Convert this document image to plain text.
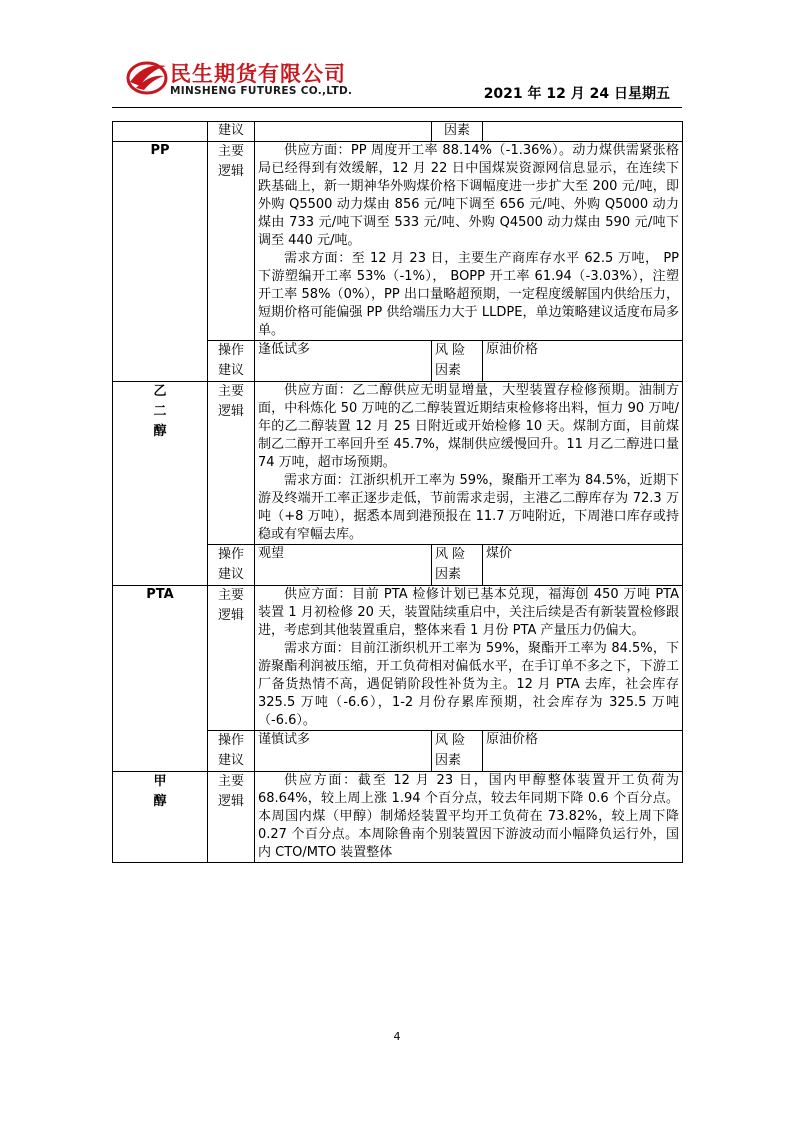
民生期货有限公司
MINSHENG FUTURES CO.,LTD.	2021 年 12 月 24 日星期五
	建议		因素	
PP	主要逻辑	供应方面：PP 周度开工率 88.14%（-1.36%）。动力煤供需紧张格局已经得到有效缓解，12 月 22 日中国煤炭资源网信息显示，在连续下跌基础上，新一期神华外购煤价格下调幅度进一步扩大至 200 元/吨，即外购 Q5500 动力煤由 856 元/吨下调至 656 元/吨、外购 Q5000 动力煤由 733 元/吨下调至 533 元/吨、外购 Q4500 动力煤由 590 元/吨下调至 440 元/吨。

需求方面：至 12 月 23 日，主要生产商库存水平 62.5 万吨， PP 下游塑编开工率 53%（-1%）， BOPP 开工率 61.94（-3.03%），注塑开工率 58%（0%），PP 出口量略超预期，一定程度缓解国内供给压力，短期价格可能偏强 PP 供给端压力大于 LLDPE，单边策略建议适度布局多单。		

	操作建议	逢低试多	风 险因素	原油价格
乙二醇	主要逻辑	供应方面：乙二醇供应无明显增量，大型装置存检修预期。油制方面，中科炼化 50 万吨的乙二醇装置近期结束检修将出料，恒力 90 万吨/年的乙二醇装置 12 月 25 日附近或开始检修 10 天。煤制方面，目前煤制乙二醇开工率回升至 45.7%，煤制供应缓慢回升。11 月乙二醇进口量 74 万吨，超市场预期。

需求方面：江浙织机开工率为 59%，聚酯开工率为 84.5%，近期下游及终端开工率正逐步走低，节前需求走弱，主港乙二醇库存为 72.3 万吨（+8 万吨），据悉本周到港预报在 11.7 万吨附近，下周港口库存或持稳或有窄幅去库。		

	操作建议	观望	风 险因素	煤价
PTA	主要逻辑	供应方面：目前 PTA 检修计划已基本兑现，福海创 450 万吨 PTA 装置 1 月初检修 20 天，装置陆续重启中，关注后续是否有新装置检修跟进，考虑到其他装置重启，整体来看 1 月份 PTA 产量压力仍偏大。

需求方面：目前江浙织机开工率为 59%，聚酯开工率为 84.5%，下游聚酯利润被压缩，开工负荷相对偏低水平，在手订单不多之下，下游工厂备货热情不高，遇促销阶段性补货为主。12 月 PTA 去库，社会库存 325.5 万吨（-6.6），1-2 月份存累库预期，社会库存为 325.5 万吨（-6.6）。		

	操作建议	谨慎试多	风 险因素	原油价格
甲醇	主要逻辑	供应方面：截至 12 月 23 日，国内甲醇整体装置开工负荷为 68.64%，较上周上涨 1.94 个百分点，较去年同期下降 0.6 个百分点。本周国内煤（甲醇）制烯烃装置平均开工负荷在 73.82%，较上周下降 0.27 个百分点。本周除鲁南个别装置因下游波动而小幅降负运行外，国内 CTO/MTO 装置整体		

4
